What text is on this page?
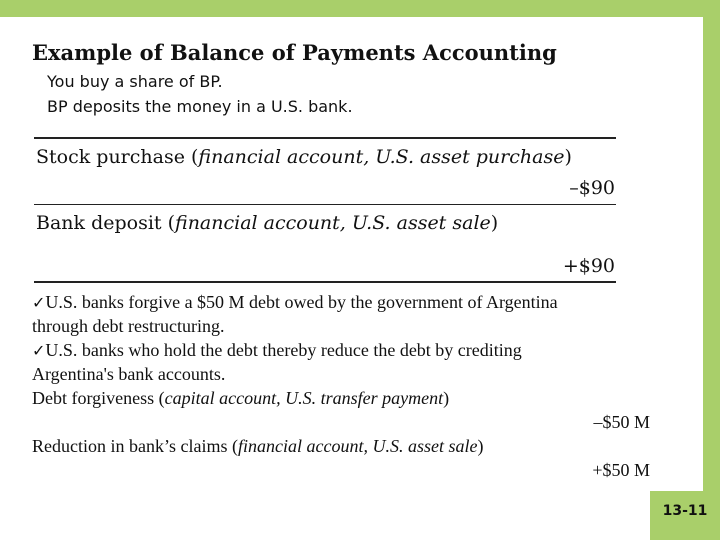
Example of Balance of Payments Accounting
You buy a share of BP.
BP deposits the money in a U.S. bank.
Stock purchase (financial account, U.S. asset purchase)
–$90
Bank deposit (financial account, U.S. asset sale)
+$90
✓U.S. banks forgive a $50 M debt owed by the government of Argentina
through debt restructuring.
✓U.S. banks who hold the debt thereby reduce the debt by crediting
Argentina's bank accounts.
Debt forgiveness (capital account, U.S. transfer payment)
–$50 M
Reduction in bank’s claims (financial account, U.S. asset sale)
+$50 M
13-11
